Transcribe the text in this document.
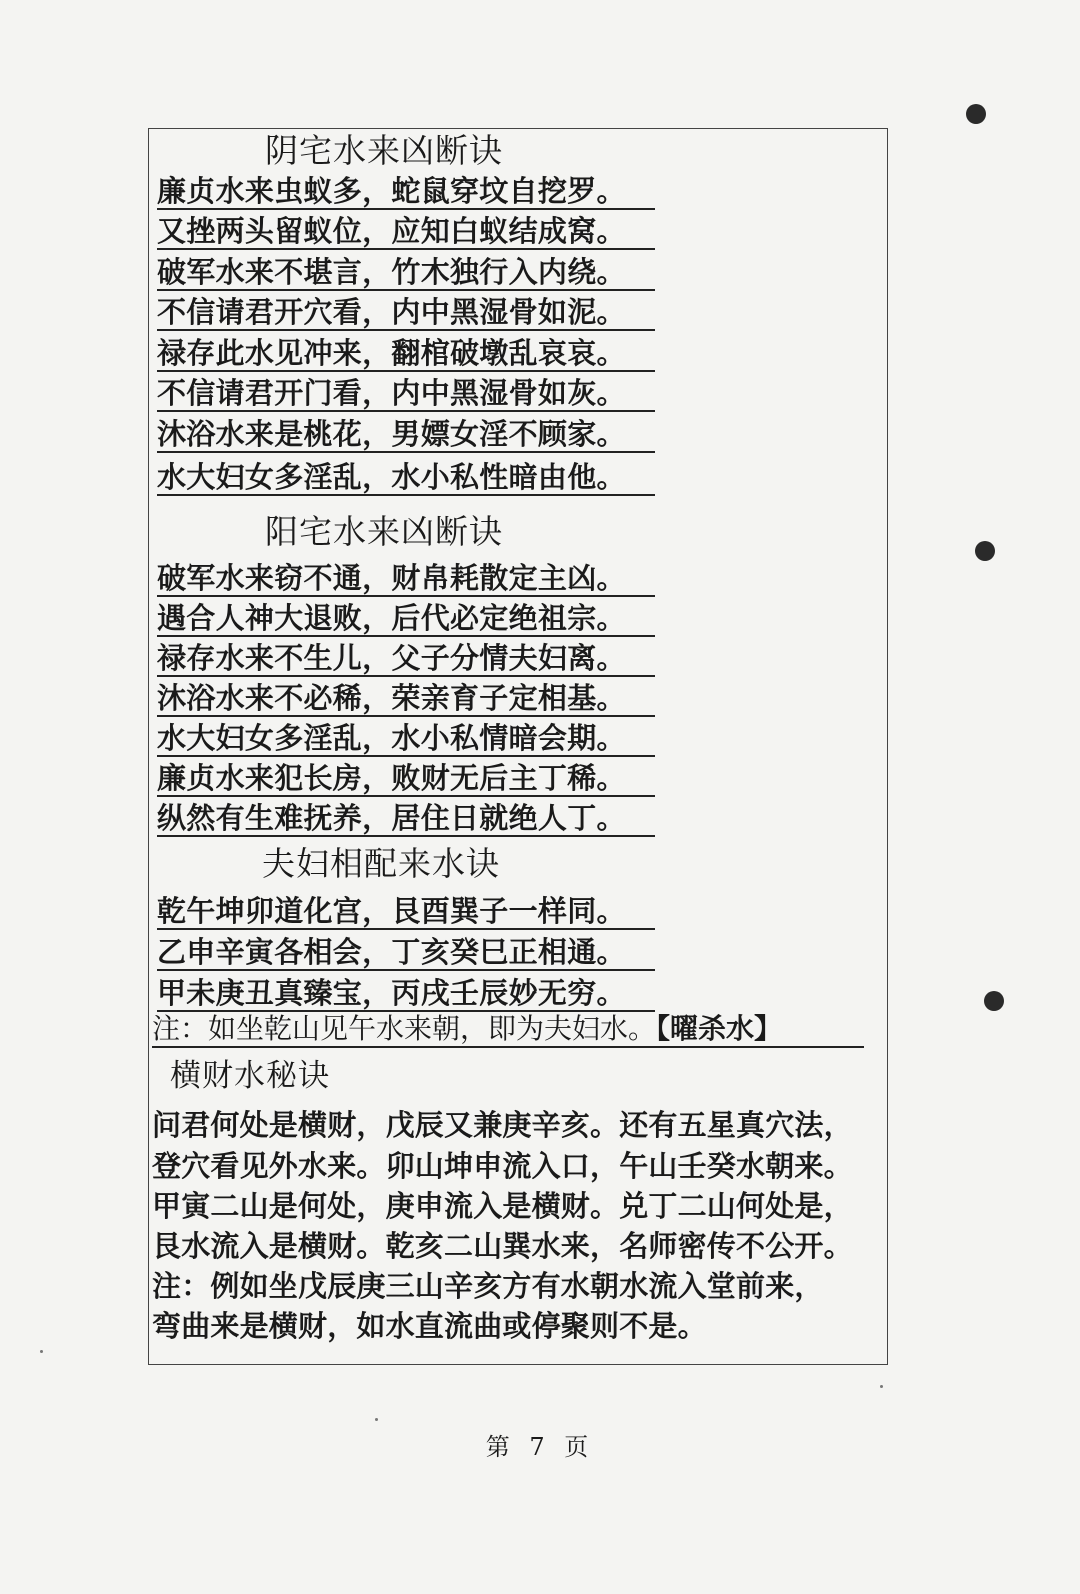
阴宅水来凶断诀
廉贞水来虫蚁多，蛇鼠穿坟自挖罗。
又挫两头留蚁位，应知白蚁结成窝。
破军水来不堪言，竹木独行入内绕。
不信请君开穴看，内中黑湿骨如泥。
禄存此水见冲来，翻棺破墩乱哀哀。
不信请君开门看，内中黑湿骨如灰。
沐浴水来是桃花，男嫖女淫不顾家。
水大妇女多淫乱，水小私性暗由他。
阳宅水来凶断诀
破军水来窃不通，财帛耗散定主凶。
遇合人神大退败，后代必定绝祖宗。
禄存水来不生儿，父子分情夫妇离。
沐浴水来不必稀，荣亲育子定相基。
水大妇女多淫乱，水小私情暗会期。
廉贞水来犯长房，败财无后主丁稀。
纵然有生难抚养，居住日就绝人丁。
夫妇相配来水诀
乾午坤卯道化宫，艮酉巽子一样同。
乙申辛寅各相会，丁亥癸巳正相通。
甲未庚丑真臻宝，丙戌壬辰妙无穷。
注：如坐乾山见午水来朝，即为夫妇水。【曜杀水】
横财水秘诀
问君何处是横财，戊辰又兼庚辛亥。还有五星真穴法，
登穴看见外水来。卯山坤申流入口，午山壬癸水朝来。
甲寅二山是何处，庚申流入是横财。兑丁二山何处是，
艮水流入是横财。乾亥二山巽水来，名师密传不公开。
注：例如坐戊辰庚三山辛亥方有水朝水流入堂前来，
弯曲来是横财，如水直流曲或停聚则不是。
第 7 页
